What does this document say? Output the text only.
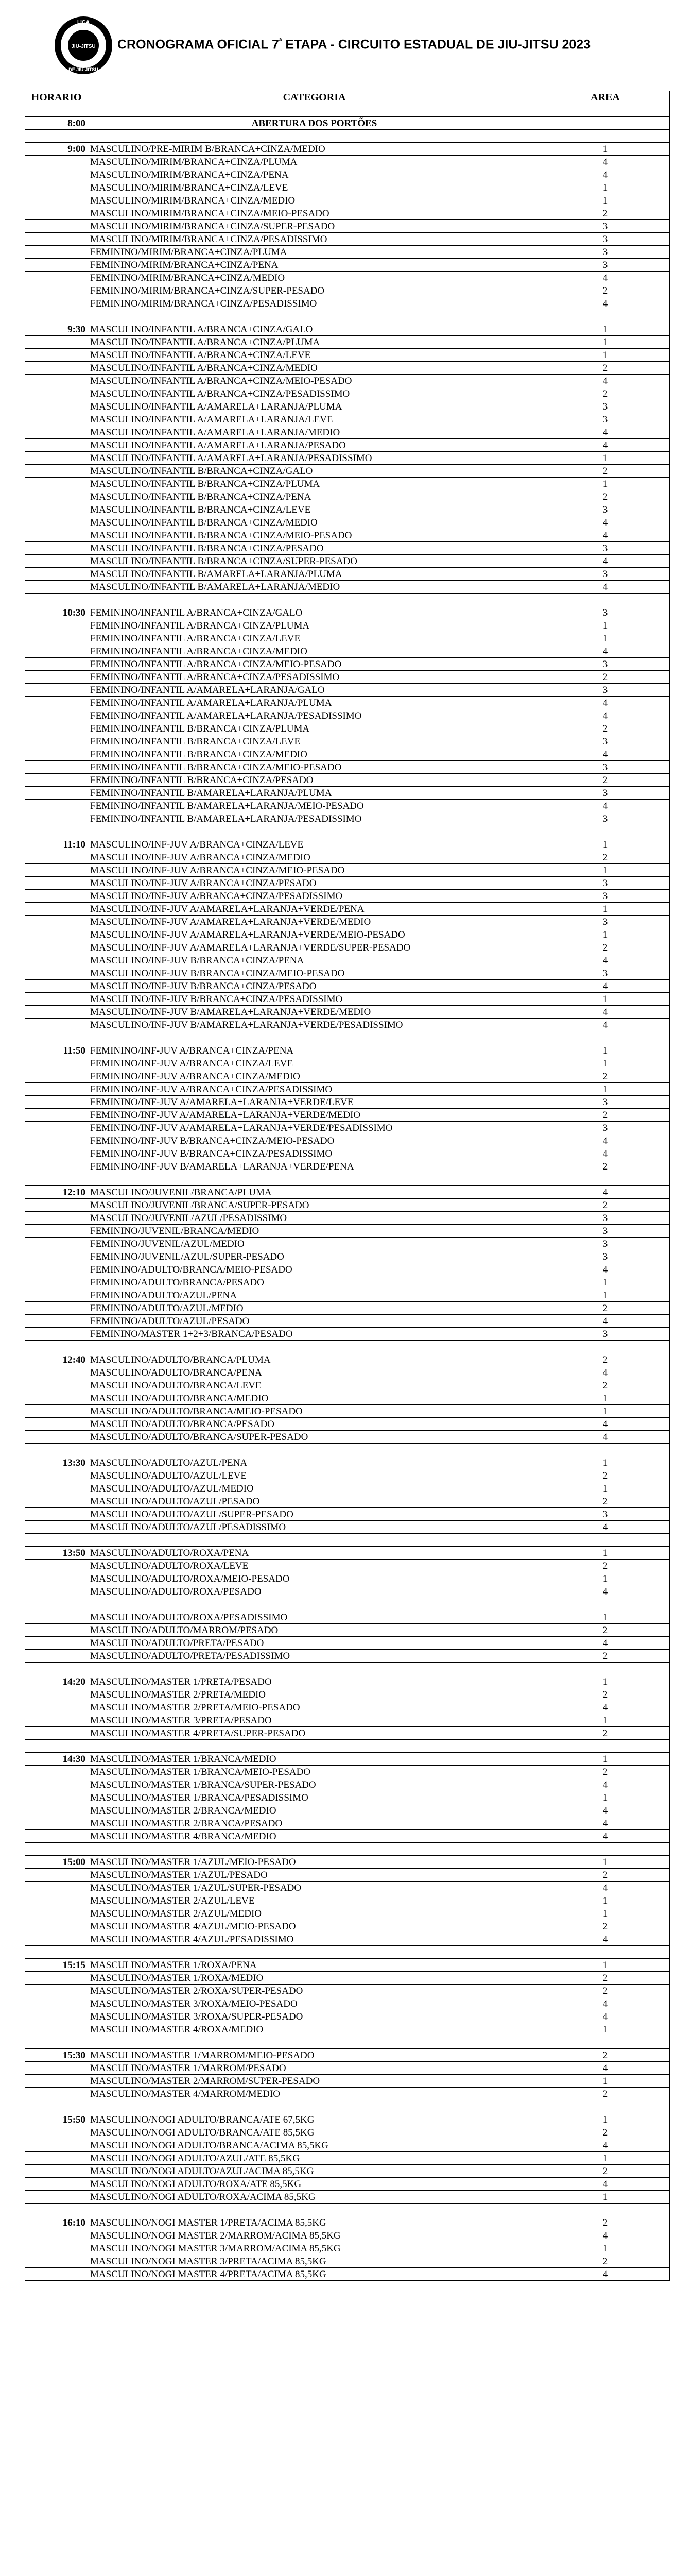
LIGA
JIU-JITSU
DE JIU-JITSU
CRONOGRAMA OFICIAL $7^ª$ ETAPA - CIRCUITO ESTADUAL DE JIU-JITSU 2023
HORARIO	CATEGORIA	AREA

8:00	ABERTURA DOS PORTÕES	

9:00	MASCULINO/PRE-MIRIM B/BRANCA+CINZA/MEDIO	1
	MASCULINO/MIRIM/BRANCA+CINZA/PLUMA	4
	MASCULINO/MIRIM/BRANCA+CINZA/PENA	4
	MASCULINO/MIRIM/BRANCA+CINZA/LEVE	1
	MASCULINO/MIRIM/BRANCA+CINZA/MEDIO	1
	MASCULINO/MIRIM/BRANCA+CINZA/MEIO-PESADO	2
	MASCULINO/MIRIM/BRANCA+CINZA/SUPER-PESADO	3
	MASCULINO/MIRIM/BRANCA+CINZA/PESADISSIMO	3
	FEMININO/MIRIM/BRANCA+CINZA/PLUMA	3
	FEMININO/MIRIM/BRANCA+CINZA/PENA	3
	FEMININO/MIRIM/BRANCA+CINZA/MEDIO	4
	FEMININO/MIRIM/BRANCA+CINZA/SUPER-PESADO	2
	FEMININO/MIRIM/BRANCA+CINZA/PESADISSIMO	4

9:30	MASCULINO/INFANTIL A/BRANCA+CINZA/GALO	1
	MASCULINO/INFANTIL A/BRANCA+CINZA/PLUMA	1
	MASCULINO/INFANTIL A/BRANCA+CINZA/LEVE	1
	MASCULINO/INFANTIL A/BRANCA+CINZA/MEDIO	2
	MASCULINO/INFANTIL A/BRANCA+CINZA/MEIO-PESADO	4
	MASCULINO/INFANTIL A/BRANCA+CINZA/PESADISSIMO	2
	MASCULINO/INFANTIL A/AMARELA+LARANJA/PLUMA	3
	MASCULINO/INFANTIL A/AMARELA+LARANJA/LEVE	3
	MASCULINO/INFANTIL A/AMARELA+LARANJA/MEDIO	4
	MASCULINO/INFANTIL A/AMARELA+LARANJA/PESADO	4
	MASCULINO/INFANTIL A/AMARELA+LARANJA/PESADISSIMO	1
	MASCULINO/INFANTIL B/BRANCA+CINZA/GALO	2
	MASCULINO/INFANTIL B/BRANCA+CINZA/PLUMA	1
	MASCULINO/INFANTIL B/BRANCA+CINZA/PENA	2
	MASCULINO/INFANTIL B/BRANCA+CINZA/LEVE	3
	MASCULINO/INFANTIL B/BRANCA+CINZA/MEDIO	4
	MASCULINO/INFANTIL B/BRANCA+CINZA/MEIO-PESADO	4
	MASCULINO/INFANTIL B/BRANCA+CINZA/PESADO	3
	MASCULINO/INFANTIL B/BRANCA+CINZA/SUPER-PESADO	4
	MASCULINO/INFANTIL B/AMARELA+LARANJA/PLUMA	3
	MASCULINO/INFANTIL B/AMARELA+LARANJA/MEDIO	4

10:30	FEMININO/INFANTIL A/BRANCA+CINZA/GALO	3
	FEMININO/INFANTIL A/BRANCA+CINZA/PLUMA	1
	FEMININO/INFANTIL A/BRANCA+CINZA/LEVE	1
	FEMININO/INFANTIL A/BRANCA+CINZA/MEDIO	4
	FEMININO/INFANTIL A/BRANCA+CINZA/MEIO-PESADO	3
	FEMININO/INFANTIL A/BRANCA+CINZA/PESADISSIMO	2
	FEMININO/INFANTIL A/AMARELA+LARANJA/GALO	3
	FEMININO/INFANTIL A/AMARELA+LARANJA/PLUMA	4
	FEMININO/INFANTIL A/AMARELA+LARANJA/PESADISSIMO	4
	FEMININO/INFANTIL B/BRANCA+CINZA/PLUMA	2
	FEMININO/INFANTIL B/BRANCA+CINZA/LEVE	3
	FEMININO/INFANTIL B/BRANCA+CINZA/MEDIO	4
	FEMININO/INFANTIL B/BRANCA+CINZA/MEIO-PESADO	3
	FEMININO/INFANTIL B/BRANCA+CINZA/PESADO	2
	FEMININO/INFANTIL B/AMARELA+LARANJA/PLUMA	3
	FEMININO/INFANTIL B/AMARELA+LARANJA/MEIO-PESADO	4
	FEMININO/INFANTIL B/AMARELA+LARANJA/PESADISSIMO	3

11:10	MASCULINO/INF-JUV A/BRANCA+CINZA/LEVE	1
	MASCULINO/INF-JUV A/BRANCA+CINZA/MEDIO	2
	MASCULINO/INF-JUV A/BRANCA+CINZA/MEIO-PESADO	1
	MASCULINO/INF-JUV A/BRANCA+CINZA/PESADO	3
	MASCULINO/INF-JUV A/BRANCA+CINZA/PESADISSIMO	3
	MASCULINO/INF-JUV A/AMARELA+LARANJA+VERDE/PENA	1
	MASCULINO/INF-JUV A/AMARELA+LARANJA+VERDE/MEDIO	3
	MASCULINO/INF-JUV A/AMARELA+LARANJA+VERDE/MEIO-PESADO	1
	MASCULINO/INF-JUV A/AMARELA+LARANJA+VERDE/SUPER-PESADO	2
	MASCULINO/INF-JUV B/BRANCA+CINZA/PENA	4
	MASCULINO/INF-JUV B/BRANCA+CINZA/MEIO-PESADO	3
	MASCULINO/INF-JUV B/BRANCA+CINZA/PESADO	4
	MASCULINO/INF-JUV B/BRANCA+CINZA/PESADISSIMO	1
	MASCULINO/INF-JUV B/AMARELA+LARANJA+VERDE/MEDIO	4
	MASCULINO/INF-JUV B/AMARELA+LARANJA+VERDE/PESADISSIMO	4

11:50	FEMININO/INF-JUV A/BRANCA+CINZA/PENA	1
	FEMININO/INF-JUV A/BRANCA+CINZA/LEVE	1
	FEMININO/INF-JUV A/BRANCA+CINZA/MEDIO	2
	FEMININO/INF-JUV A/BRANCA+CINZA/PESADISSIMO	1
	FEMININO/INF-JUV A/AMARELA+LARANJA+VERDE/LEVE	3
	FEMININO/INF-JUV A/AMARELA+LARANJA+VERDE/MEDIO	2
	FEMININO/INF-JUV A/AMARELA+LARANJA+VERDE/PESADISSIMO	3
	FEMININO/INF-JUV B/BRANCA+CINZA/MEIO-PESADO	4
	FEMININO/INF-JUV B/BRANCA+CINZA/PESADISSIMO	4
	FEMININO/INF-JUV B/AMARELA+LARANJA+VERDE/PENA	2

12:10	MASCULINO/JUVENIL/BRANCA/PLUMA	4
	MASCULINO/JUVENIL/BRANCA/SUPER-PESADO	2
	MASCULINO/JUVENIL/AZUL/PESADISSIMO	3
	FEMININO/JUVENIL/BRANCA/MEDIO	3
	FEMININO/JUVENIL/AZUL/MEDIO	3
	FEMININO/JUVENIL/AZUL/SUPER-PESADO	3
	FEMININO/ADULTO/BRANCA/MEIO-PESADO	4
	FEMININO/ADULTO/BRANCA/PESADO	1
	FEMININO/ADULTO/AZUL/PENA	1
	FEMININO/ADULTO/AZUL/MEDIO	2
	FEMININO/ADULTO/AZUL/PESADO	4
	FEMININO/MASTER 1+2+3/BRANCA/PESADO	3

12:40	MASCULINO/ADULTO/BRANCA/PLUMA	2
	MASCULINO/ADULTO/BRANCA/PENA	4
	MASCULINO/ADULTO/BRANCA/LEVE	2
	MASCULINO/ADULTO/BRANCA/MEDIO	1
	MASCULINO/ADULTO/BRANCA/MEIO-PESADO	1
	MASCULINO/ADULTO/BRANCA/PESADO	4
	MASCULINO/ADULTO/BRANCA/SUPER-PESADO	4

13:30	MASCULINO/ADULTO/AZUL/PENA	1
	MASCULINO/ADULTO/AZUL/LEVE	2
	MASCULINO/ADULTO/AZUL/MEDIO	1
	MASCULINO/ADULTO/AZUL/PESADO	2
	MASCULINO/ADULTO/AZUL/SUPER-PESADO	3
	MASCULINO/ADULTO/AZUL/PESADISSIMO	4

13:50	MASCULINO/ADULTO/ROXA/PENA	1
	MASCULINO/ADULTO/ROXA/LEVE	2
	MASCULINO/ADULTO/ROXA/MEIO-PESADO	1
	MASCULINO/ADULTO/ROXA/PESADO	4

	MASCULINO/ADULTO/ROXA/PESADISSIMO	1
	MASCULINO/ADULTO/MARROM/PESADO	2
	MASCULINO/ADULTO/PRETA/PESADO	4
	MASCULINO/ADULTO/PRETA/PESADISSIMO	2

14:20	MASCULINO/MASTER 1/PRETA/PESADO	1
	MASCULINO/MASTER 2/PRETA/MEDIO	2
	MASCULINO/MASTER 2/PRETA/MEIO-PESADO	4
	MASCULINO/MASTER 3/PRETA/PESADO	1
	MASCULINO/MASTER 4/PRETA/SUPER-PESADO	2

14:30	MASCULINO/MASTER 1/BRANCA/MEDIO	1
	MASCULINO/MASTER 1/BRANCA/MEIO-PESADO	2
	MASCULINO/MASTER 1/BRANCA/SUPER-PESADO	4
	MASCULINO/MASTER 1/BRANCA/PESADISSIMO	1
	MASCULINO/MASTER 2/BRANCA/MEDIO	4
	MASCULINO/MASTER 2/BRANCA/PESADO	4
	MASCULINO/MASTER 4/BRANCA/MEDIO	4

15:00	MASCULINO/MASTER 1/AZUL/MEIO-PESADO	1
	MASCULINO/MASTER 1/AZUL/PESADO	2
	MASCULINO/MASTER 1/AZUL/SUPER-PESADO	4
	MASCULINO/MASTER 2/AZUL/LEVE	1
	MASCULINO/MASTER 2/AZUL/MEDIO	1
	MASCULINO/MASTER 4/AZUL/MEIO-PESADO	2
	MASCULINO/MASTER 4/AZUL/PESADISSIMO	4

15:15	MASCULINO/MASTER 1/ROXA/PENA	1
	MASCULINO/MASTER 1/ROXA/MEDIO	2
	MASCULINO/MASTER 2/ROXA/SUPER-PESADO	2
	MASCULINO/MASTER 3/ROXA/MEIO-PESADO	4
	MASCULINO/MASTER 3/ROXA/SUPER-PESADO	4
	MASCULINO/MASTER 4/ROXA/MEDIO	1

15:30	MASCULINO/MASTER 1/MARROM/MEIO-PESADO	2
	MASCULINO/MASTER 1/MARROM/PESADO	4
	MASCULINO/MASTER 2/MARROM/SUPER-PESADO	1
	MASCULINO/MASTER 4/MARROM/MEDIO	2

15:50	MASCULINO/NOGI ADULTO/BRANCA/ATE 67,5KG	1
	MASCULINO/NOGI ADULTO/BRANCA/ATE 85,5KG	2
	MASCULINO/NOGI ADULTO/BRANCA/ACIMA 85,5KG	4
	MASCULINO/NOGI ADULTO/AZUL/ATE 85,5KG	1
	MASCULINO/NOGI ADULTO/AZUL/ACIMA 85,5KG	2
	MASCULINO/NOGI ADULTO/ROXA/ATE 85,5KG	4
	MASCULINO/NOGI ADULTO/ROXA/ACIMA 85,5KG	1

16:10	MASCULINO/NOGI MASTER 1/PRETA/ACIMA 85,5KG	2
	MASCULINO/NOGI MASTER 2/MARROM/ACIMA 85,5KG	4
	MASCULINO/NOGI MASTER 3/MARROM/ACIMA 85,5KG	1
	MASCULINO/NOGI MASTER 3/PRETA/ACIMA 85,5KG	2
	MASCULINO/NOGI MASTER 4/PRETA/ACIMA 85,5KG	4
